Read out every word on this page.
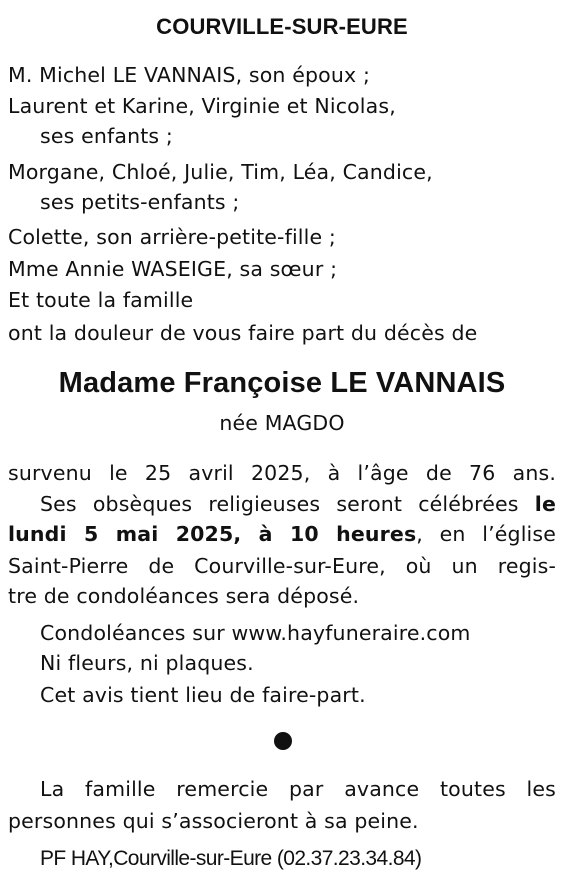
COURVILLE-SUR-EURE
M. Michel LE VANNAIS, son époux ;
Laurent et Karine, Virginie et Nicolas,
ses enfants ;
Morgane, Chloé, Julie, Tim, Léa, Candice,
ses petits-enfants ;
Colette, son arrière-petite-fille ;
Mme Annie WASEIGE, sa sœur ;
Et toute la famille
ont la douleur de vous faire part du décès de
Madame Françoise LE VANNAIS
née MAGDO
survenu le 25 avril 2025, à l’âge de 76 ans.
Ses obsèques religieuses seront célébrées le
lundi 5 mai 2025, à 10 heures, en l’église
Saint-Pierre de Courville-sur-Eure, où un regis-
tre de condoléances sera déposé.
Condoléances sur www.hayfuneraire.com
Ni fleurs, ni plaques.
Cet avis tient lieu de faire-part.
La famille remercie par avance toutes les
personnes qui s’associeront à sa peine.
PF HAY,Courville-sur-Eure (02.37.23.34.84)
